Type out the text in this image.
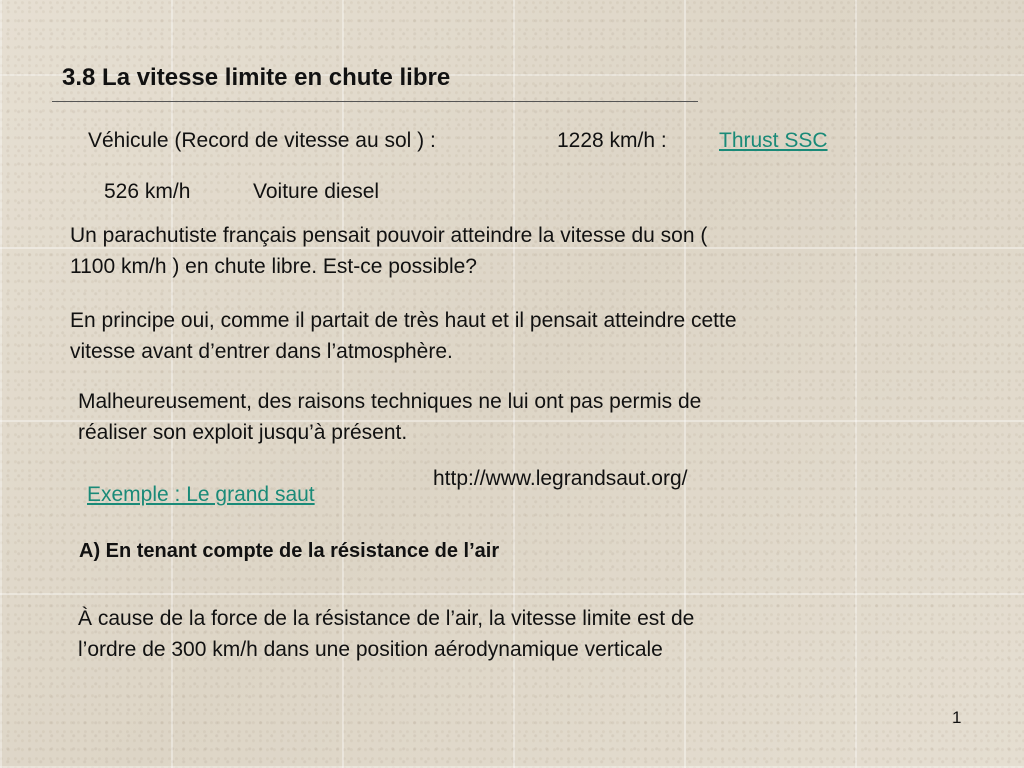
3.8 La vitesse limite en chute libre
Véhicule (Record de vitesse au sol ) :	1228 km/h : Thrust SSC
526 km/h	Voiture diesel
Un parachutiste français pensait pouvoir atteindre la vitesse du son (
1100 km/h ) en chute libre. Est-ce possible?
En principe oui, comme il partait de très haut et il pensait atteindre cette
vitesse avant d’entrer dans l’atmosphère.
Malheureusement, des raisons techniques ne lui ont pas permis de
réaliser son exploit jusqu’à présent.
http://www.legrandsaut.org/
Exemple : Le grand saut
A) En tenant compte de la résistance de l’air
À cause de la force de la résistance de l’air, la vitesse limite est de
l’ordre de 300 km/h dans une position aérodynamique verticale
1
